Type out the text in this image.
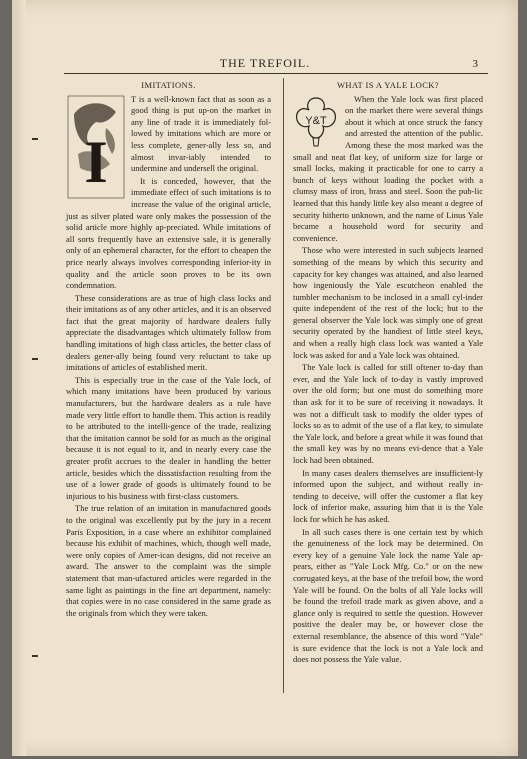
THE TREFOIL.	3
IMITATIONS.
I

T is a well-known fact that as soon as a good thing is put up-on the market in any line of trade it is immediately fol-lowed by imitations which are more or less complete, gener-ally less so, and almost invar-iably intended to undermine and undersell the original.

It is conceded, however, that the immediate effect of such imitations is to increase the value of the original article, just as silver plated ware only makes the possession of the solid article more highly ap-preciated. While imitations of all sorts frequently have an extensive sale, it is generally only of an ephemeral character, for the effort to cheapen the price nearly always involves corresponding inferior-ity in quality and the article soon proves to be its own condemnation.

These considerations are as true of high class locks and their imitations as of any other articles, and it is an observed fact that the great majority of hardware dealers fully appreciate the disadvantages which ultimately follow from handling imitations of high class articles, the better class of dealers gener-ally being found very reluctant to take up imitations of articles of established merit.

This is especially true in the case of the Yale lock, of which many imitations have been produced by various manufacturers, but the hardware dealers as a rule have made very little effort to handle them. This action is readily to be attributed to the intelli-gence of the trade, realizing that the imitation cannot be sold for as much as the original because it is not equal to it, and in nearly every case the greater profit accrues to the dealer in handling the better article, besides which the dissatisfaction resulting from the use of a lower grade of goods is ultimately found to be injurious to his business with first-class customers.

The true relation of an imitation in manufactured goods to the original was excellently put by the jury in a recent Paris Exposition, in a case where an exhibitor complained because his exhibit of machines, which, though well made, were only copies of Amer-ican designs, did not receive an award. The answer to the complaint was the simple statement that man-ufactured articles were regarded in the same light as paintings in the fine art department, namely: that copies were in no case considered in the same grade as the originals from which they were taken.

WHAT IS A YALE LOCK?
Y&T

When the Yale lock was first placed on the market there were several things about it which at once struck the fancy and arrested the attention of the public. Among these the most marked was the small and neat flat key, of uniform size for large or small locks, making it practicable for one to carry a bunch of keys without loading the pocket with a clumsy mass of iron, brass and steel. Soon the pub-lic learned that this handy little key also meant a degree of security hitherto unknown, and the name of Linus Yale became a household word for security and convenience.

Those who were interested in such subjects learned something of the means by which this security and capacity for key changes was attained, and also learned how ingeniously the Yale escutcheon enabled the tumbler mechanism to be inclosed in a small cyl-inder quite independent of the rest of the lock; but to the general observer the Yale lock was simply one of great security operated by the handiest of little steel keys, and when a really high class lock was wanted a Yale lock was asked for and a Yale lock was obtained.

The Yale lock is called for still oftener to-day than ever, and the Yale lock of to-day is vastly improved over the old form; but one must do something more than ask for it to be sure of receiving it nowadays. It was not a difficult task to modify the older types of locks so as to admit of the use of a flat key, to simulate the Yale lock, and before a great while it was found that the small key was by no means evi-dence that a Yale lock had been obtained.

In many cases dealers themselves are insufficient-ly informed upon the subject, and without really in-tending to deceive, will offer the customer a flat key lock of inferior make, assuring him that it is the Yale lock for which he has asked.

In all such cases there is one certain test by which the genuineness of the lock may be determined. On every key of a genuine Yale lock the name Yale ap-pears, either as "Yale Lock Mfg. Co." or on the new corrugated keys, at the base of the trefoil bow, the word Yale will be found. On the bolts of all Yale locks will be found the trefoil trade mark as given above, and a glance only is required to settle the question. However positive the dealer may be, or however close the external resemblance, the absence of this word "Yale" is sure evidence that the lock is not a Yale lock and does not possess the Yale value.
